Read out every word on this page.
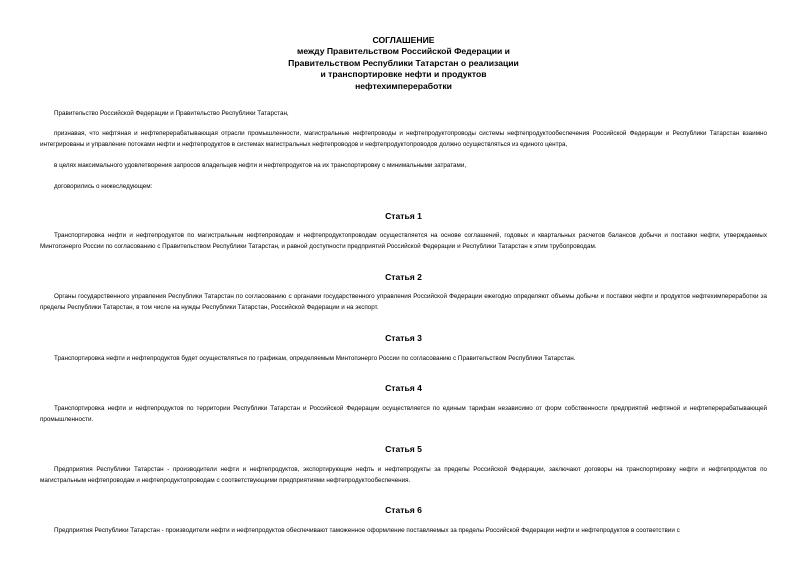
СОГЛАШЕНИЕ
между Правительством Российской Федерации и
Правительством Республики Татарстан о реализации
и транспортировке нефти и продуктов
нефтехимпереработки
Правительство Российской Федерации и Правительство Республики Татарстан,
признавая, что нефтяная и нефтеперерабатывающая отрасли промышленности, магистральные нефтепроводы и нефтепродуктопроводы системы нефтепродуктообеспечения Российской Федерации и Республики Татарстан взаимно интегрированы и управление потоками нефти и нефтепродуктов в системах магистральных нефтепроводов и нефтепродуктопроводов должно осуществляться из единого центра,
в целях максимального удовлетворения запросов владельцев нефти и нефтепродуктов на их транспортировку с минимальными затратами,
договорились о нижеследующем:
Статья 1
Транспортировка нефти и нефтепродуктов по магистральным нефтепроводам и нефтепродуктопроводам осуществляется на основе соглашений, годовых и квартальных расчетов балансов добычи и поставки нефти, утверждаемых Минтопэнерго России по согласованию с Правительством Республики Татарстан, и равной доступности предприятий Российской Федерации и Республики Татарстан к этим трубопроводам.
Статья 2
Органы государственного управления Республики Татарстан по согласованию с органами государственного управления Российской Федерации ежегодно определяют объемы добычи и поставки нефти и продуктов нефтехимпереработки за пределы Республики Татарстан, в том числе на нужды Республики Татарстан, Российской Федерации и на экспорт.
Статья 3
Транспортировка нефти и нефтепродуктов будет осуществляться по графикам, определяемым Минтопэнерго России по согласованию с Правительством Республики Татарстан.
Статья 4
Транспортировка нефти и нефтепродуктов по территории Республики Татарстан и Российской Федерации осуществляется по единым тарифам независимо от форм собственности предприятий нефтяной и нефтеперерабатывающей промышленности.
Статья 5
Предприятия Республики Татарстан - производители нефти и нефтепродуктов, экспортирующие нефть и нефтепродукты за пределы Российской Федерации, заключают договоры на транспортировку нефти и нефтепродуктов по магистральным нефтепроводам и нефтепродуктопроводам с соответствующими предприятиями нефтепродуктообеспечения.
Статья 6
Предприятия Республики Татарстан - производители нефти и нефтепродуктов обеспечивают таможенное оформление поставляемых за пределы Российской Федерации нефти и нефтепродуктов в соответствии с
